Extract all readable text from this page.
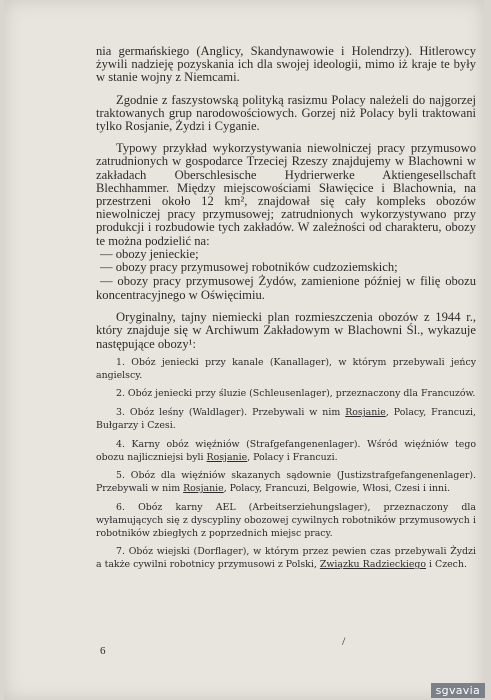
nia germańskiego (Anglicy, Skandynawowie i Holendrzy). Hitlerowcy żywili nadzieję pozyskania ich dla swojej ideologii, mimo iż kraje te były w stanie wojny z Niemcami.

Zgodnie z faszystowską polityką rasizmu Polacy należeli do najgorzej traktowanych grup narodowościowych. Gorzej niż Polacy byli traktowani tylko Rosjanie, Żydzi i Cyganie.

Typowy przykład wykorzystywania niewolniczej pracy przymusowo zatrudnionych w gospodarce Trzeciej Rzeszy znajdujemy w Blachowni w zakładach Oberschlesische Hydrierwerke Aktiengesellschaft Blechhammer. Między miejscowościami Sławięcice i Blachownia, na przestrzeni około 12 km², znajdował się cały kompleks obozów niewolniczej pracy przymusowej; zatrudnionych wykorzystywano przy produkcji i rozbudowie tych zakładów. W zależności od charakteru, obozy te można podzielić na:

— obozy jenieckie;
— obozy pracy przymusowej robotników cudzoziemskich;
— obozy pracy przymusowej Żydów, zamienione później w filię obozu koncentracyjnego w Oświęcimiu.

Oryginalny, tajny niemiecki plan rozmieszczenia obozów z 1944 r., który znajduje się w Archiwum Zakładowym w Blachowni Śl., wykazuje następujące obozy¹:

1. Obóz jeniecki przy kanale (Kanallager), w którym przebywali jeńcy angielscy.

2. Obóz jeniecki przy śluzie (Schleusenlager), przeznaczony dla Francuzów.

3. Obóz leśny (Waldlager). Przebywali w nim Rosjanie, Polacy, Francuzi, Bułgarzy i Czesi.

4. Karny obóz więźniów (Strafgefangenenlager). Wśród więźniów tego obozu najliczniejsi byli Rosjanie, Polacy i Francuzi.

5. Obóz dla więźniów skazanych sądownie (Justizstrafgefangenenlager). Przebywali w nim Rosjanie, Polacy, Francuzi, Belgowie, Włosi, Czesi i inni.

6. Obóz karny AEL (Arbeitserziehungslager), przeznaczony dla wyłamujących się z dyscypliny obozowej cywilnych robotników przymusowych i robotników zbiegłych z poprzednich miejsc pracy.

7. Obóz wiejski (Dorflager), w którym przez pewien czas przebywali Żydzi a także cywilni robotnicy przymusowi z Polski, Związku Radzieckiego i Czech.

/
6
sgvavia
